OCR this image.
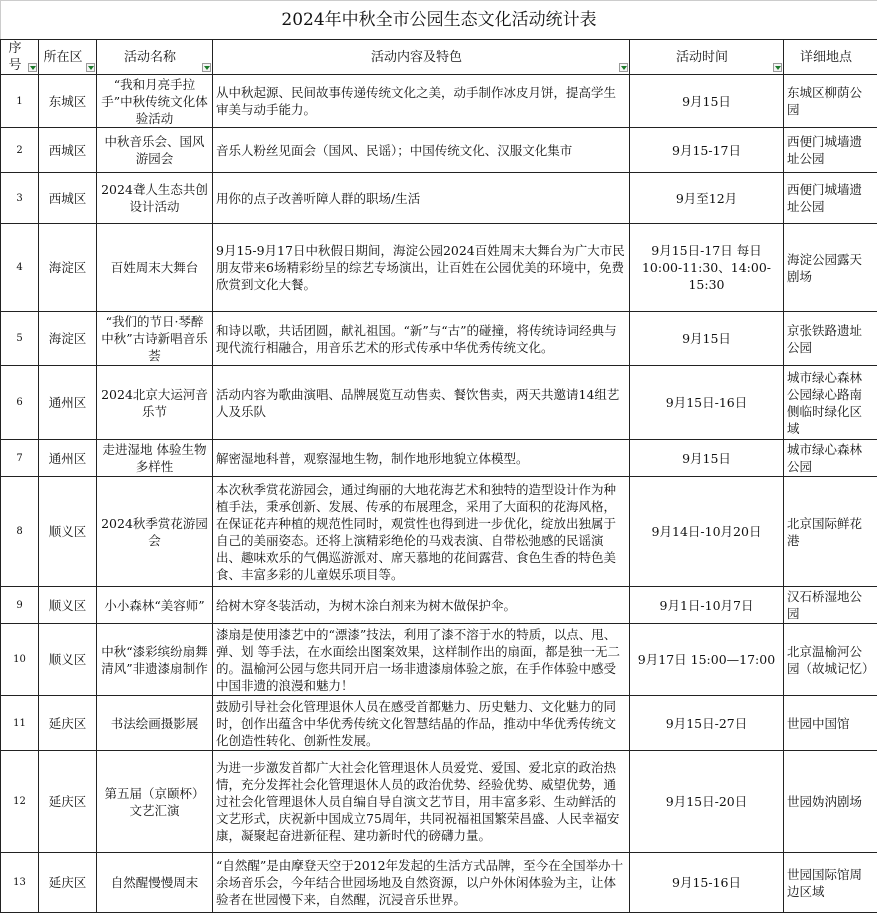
2024年中秋全市公园生态文化活动统计表					
序号	所在区	活动名称	活动内容及特色	活动时间	详细地点
1	东城区	“我和月亮手拉手”中秋传统文化体验活动	从中秋起源、民间故事传递传统文化之美，动手制作冰皮月饼，提高学生审美与动手能力。	9月15日	东城区柳荫公园
2	西城区	中秋音乐会、国风游园会	音乐人粉丝见面会（国风、民谣）；中国传统文化、汉服文化集市	9月15-17日	西便门城墙遗址公园
3	西城区	2024聋人生态共创设计活动	用你的点子改善听障人群的职场/生活	9月至12月	西便门城墙遗址公园
4	海淀区	百姓周末大舞台	9月15-9月17日中秋假日期间，海淀公园2024百姓周末大舞台为广大市民朋友带来6场精彩纷呈的综艺专场演出，让百姓在公园优美的环境中，免费欣赏到文化大餐。	9月15日-17日 每日10:00-11:30、14:00-15:30	海淀公园露天剧场
5	海淀区	“我们的节日·琴醉中秋”古诗新唱音乐荟	和诗以歌，共话团圆，献礼祖国。“新”与“古”的碰撞，将传统诗词经典与现代流行相融合，用音乐艺术的形式传承中华优秀传统文化。	9月15日	京张铁路遗址公园
6	通州区	2024北京大运河音乐节	活动内容为歌曲演唱、品牌展览互动售卖、餐饮售卖，两天共邀请14组艺人及乐队	9月15日-16日	城市绿心森林公园绿心路南侧临时绿化区域
7	通州区	走进湿地 体验生物多样性	解密湿地科普，观察湿地生物，制作地形地貌立体模型。	9月15日	城市绿心森林公园
8	顺义区	2024秋季赏花游园会	本次秋季赏花游园会，通过绚丽的大地花海艺术和独特的造型设计作为种植手法，秉承创新、发展、传承的布展理念，采用了大面积的花海风格，在保证花卉种植的规范性同时，观赏性也得到进一步优化，绽放出独属于自己的美丽姿态。还将上演精彩绝伦的马戏表演、自带松弛感的民谣演出、趣味欢乐的气偶巡游派对、席天慕地的花间露营、食色生香的特色美食、丰富多彩的儿童娱乐项目等。	9月14日-10月20日	北京国际鲜花港
9	顺义区	小小森林“美容师”	给树木穿冬装活动，为树木涂白剂来为树木做保护伞。	9月1日-10月7日	汉石桥湿地公园
10	顺义区	中秋“漆彩缤纷扇舞清风”非遗漆扇制作	漆扇是使用漆艺中的“漂漆”技法，利用了漆不溶于水的特质，以点、甩、弹、划 等手法，在水面绘出图案效果，这样制作出的扇面，都是独一无二的。温榆河公园与您共同开启一场非遗漆扇体验之旅，在手作体验中感受中国非遗的浪漫和魅力！	9月17日 15:00—17:00	北京温榆河公园（故城记忆）
11	延庆区	书法绘画摄影展	鼓励引导社会化管理退休人员在感受首都魅力、历史魅力、文化魅力的同时，创作出蕴含中华优秀传统文化智慧结晶的作品，推动中华优秀传统文化创造性转化、创新性发展。	9月15日-27日	世园中国馆
12	延庆区	第五届（京颐杯）文艺汇演	为进一步激发首都广大社会化管理退休人员爱党、爱国、爱北京的政治热情，充分发挥社会化管理退休人员的政治优势、经验优势、威望优势，通过社会化管理退休人员自编自导自演文艺节目，用丰富多彩、生动鲜活的文艺形式，庆祝新中国成立75周年，共同祝福祖国繁荣昌盛、人民幸福安康，凝聚起奋进新征程、建功新时代的磅礴力量。	9月15日-20日	世园妫汭剧场
13	延庆区	自然醒慢慢周末	“自然醒”是由摩登天空于2012年发起的生活方式品牌，至今在全国举办十余场音乐会，今年结合世园场地及自然资源，以户外休闲体验为主，让体验者在世园慢下来，自然醒，沉浸音乐世界。	9月15-16日	世园国际馆周边区域
